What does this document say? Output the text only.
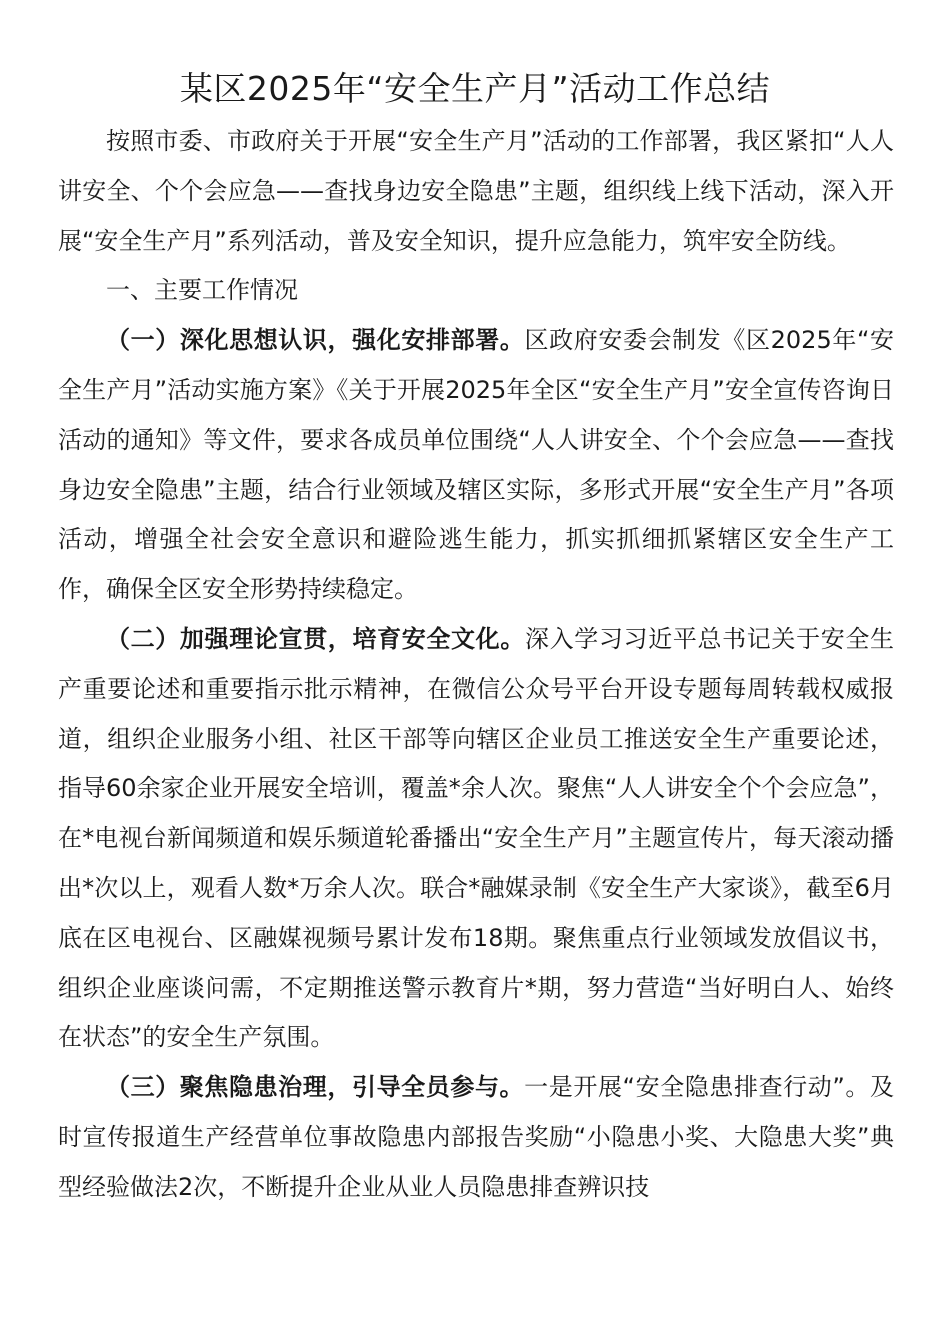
某区2025年“安全生产月”活动工作总结

按照市委、市政府关于开展“安全生产月”活动的工作部署，我区紧扣“人人讲安全、个个会应急——查找身边安全隐患”主题，组织线上线下活动，深入开展“安全生产月”系列活动，普及安全知识，提升应急能力，筑牢安全防线。

一、主要工作情况

（一）深化思想认识，强化安排部署。区政府安委会制发《区2025年“安全生产月”活动实施方案》《关于开展2025年全区“安全生产月”安全宣传咨询日活动的通知》等文件，要求各成员单位围绕“人人讲安全、个个会应急——查找身边安全隐患”主题，结合行业领域及辖区实际，多形式开展“安全生产月”各项活动，增强全社会安全意识和避险逃生能力，抓实抓细抓紧辖区安全生产工作，确保全区安全形势持续稳定。

（二）加强理论宣贯，培育安全文化。深入学习习近平总书记关于安全生产重要论述和重要指示批示精神，在微信公众号平台开设专题每周转载权威报道，组织企业服务小组、社区干部等向辖区企业员工推送安全生产重要论述，指导60余家企业开展安全培训，覆盖*余人次。聚焦“人人讲安全个个会应急”，在*电视台新闻频道和娱乐频道轮番播出“安全生产月”主题宣传片，每天滚动播出*次以上，观看人数*万余人次。联合*融媒录制《安全生产大家谈》，截至6月底在区电视台、区融媒视频号累计发布18期。聚焦重点行业领域发放倡议书，组织企业座谈问需，不定期推送警示教育片*期，努力营造“当好明白人、始终在状态”的安全生产氛围。

（三）聚焦隐患治理，引导全员参与。一是开展“安全隐患排查行动”。及时宣传报道生产经营单位事故隐患内部报告奖励“小隐患小奖、大隐患大奖”典型经验做法2次，不断提升企业从业人员隐患排查辨识技
